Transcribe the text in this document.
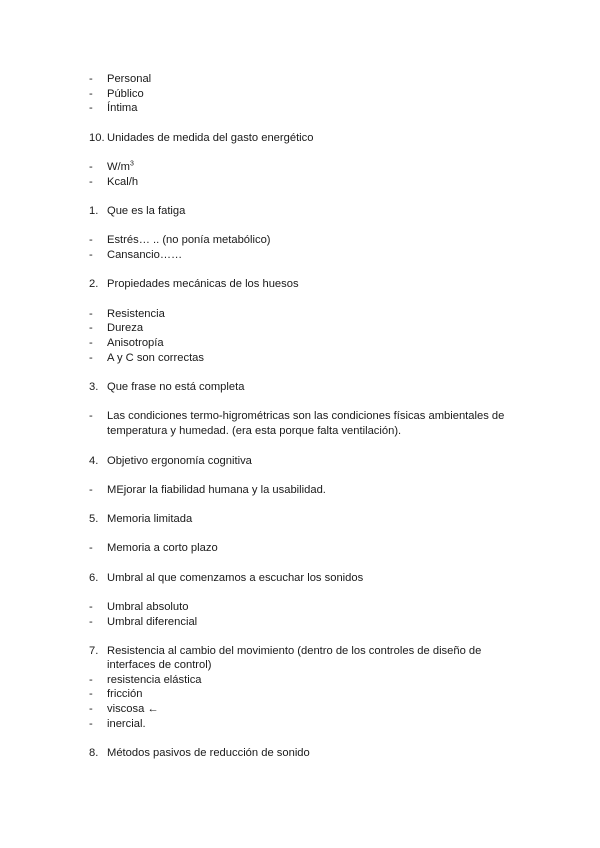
-	Personal
-	Público
-	Íntima
10. Unidades de medida del gasto energético
-	$W/m^3$
-	Kcal/h
1. Que es la fatiga
-	Estrés… .. (no ponía metabólico)
-	Cansancio……
2. Propiedades mecánicas de los huesos
-	Resistencia
-	Dureza
-	Anisotropía
-	A y C son correctas
3. Que frase no está completa
-	Las condiciones termo-higrométricas son las condiciones físicas ambientales de
temperatura y humedad. (era esta porque falta ventilación).
4. Objetivo ergonomía cognitiva
-	MEjorar la fiabilidad humana y la usabilidad.
5. Memoria limitada
-	Memoria a corto plazo
6. Umbral al que comenzamos a escuchar los sonidos
-	Umbral absoluto
-	Umbral diferencial
7. Resistencia al cambio del movimiento (dentro de los controles de diseño de
interfaces de control)
-	resistencia elástica
-	fricción
-	viscosa ←
-	inercial.
8. Métodos pasivos de reducción de sonido
